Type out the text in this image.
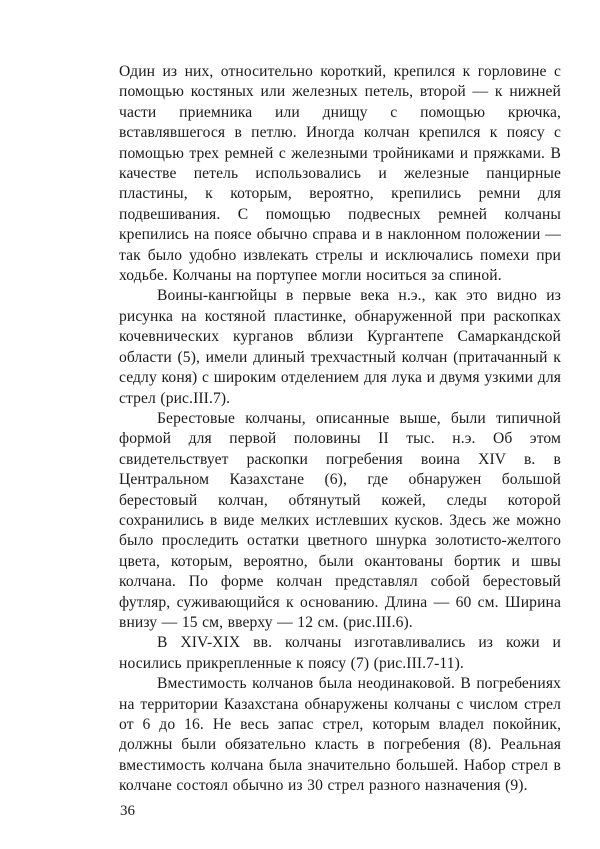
Один из них, относительно короткий, крепился к горловине с помощью костяных или железных петель, второй — к нижней части приемника или днищу с помощью крючка, вставлявшегося в петлю. Иногда колчан крепился к поясу с помощью трех ремней с железными тройниками и пряжками. В качестве петель использовались и железные панцирные пластины, к которым, вероятно, крепились ремни для подвешивания. С помощью подвесных ремней колчаны крепились на поясе обычно справа и в наклонном положении — так было удобно извлекать стрелы и исключались помехи при ходьбе. Колчаны на портупее могли носиться за спиной.

Воины-кангюйцы в первые века н.э., как это видно из рисунка на костяной пластинке, обнаруженной при раскопках кочевнических курганов вблизи Кургантепе Самаркандской области (5), имели длиный трехчастный колчан (притачанный к седлу коня) с широким отделением для лука и двумя узкими для стрел (рис.III.7).

Берестовые колчаны, описанные выше, были типичной формой для первой половины II тыс. н.э. Об этом свидетельствует раскопки погребения воина XIV в. в Центральном Казахстане (6), где обнаружен большой берестовый колчан, обтянутый кожей, следы которой сохранились в виде мелких истлевших кусков. Здесь же можно было проследить остатки цветного шнурка золотисто-желтого цвета, которым, вероятно, были окантованы бортик и швы колчана. По форме колчан представлял собой берестовый футляр, суживающийся к основанию. Длина — 60 см. Ширина внизу — 15 см, вверху — 12 см. (рис.III.6).

В XIV-XIX вв. колчаны изготавливались из кожи и носились прикрепленные к поясу (7) (рис.III.7-11).

Вместимость колчанов была неодинаковой. В погребениях на территории Казахстана обнаружены колчаны с числом стрел от 6 до 16. Не весь запас стрел, которым владел покойник, должны были обязательно класть в погребения (8). Реальная вместимость колчана была значительно большей. Набор стрел в колчане состоял обычно из 30 стрел разного назначения (9).

36
